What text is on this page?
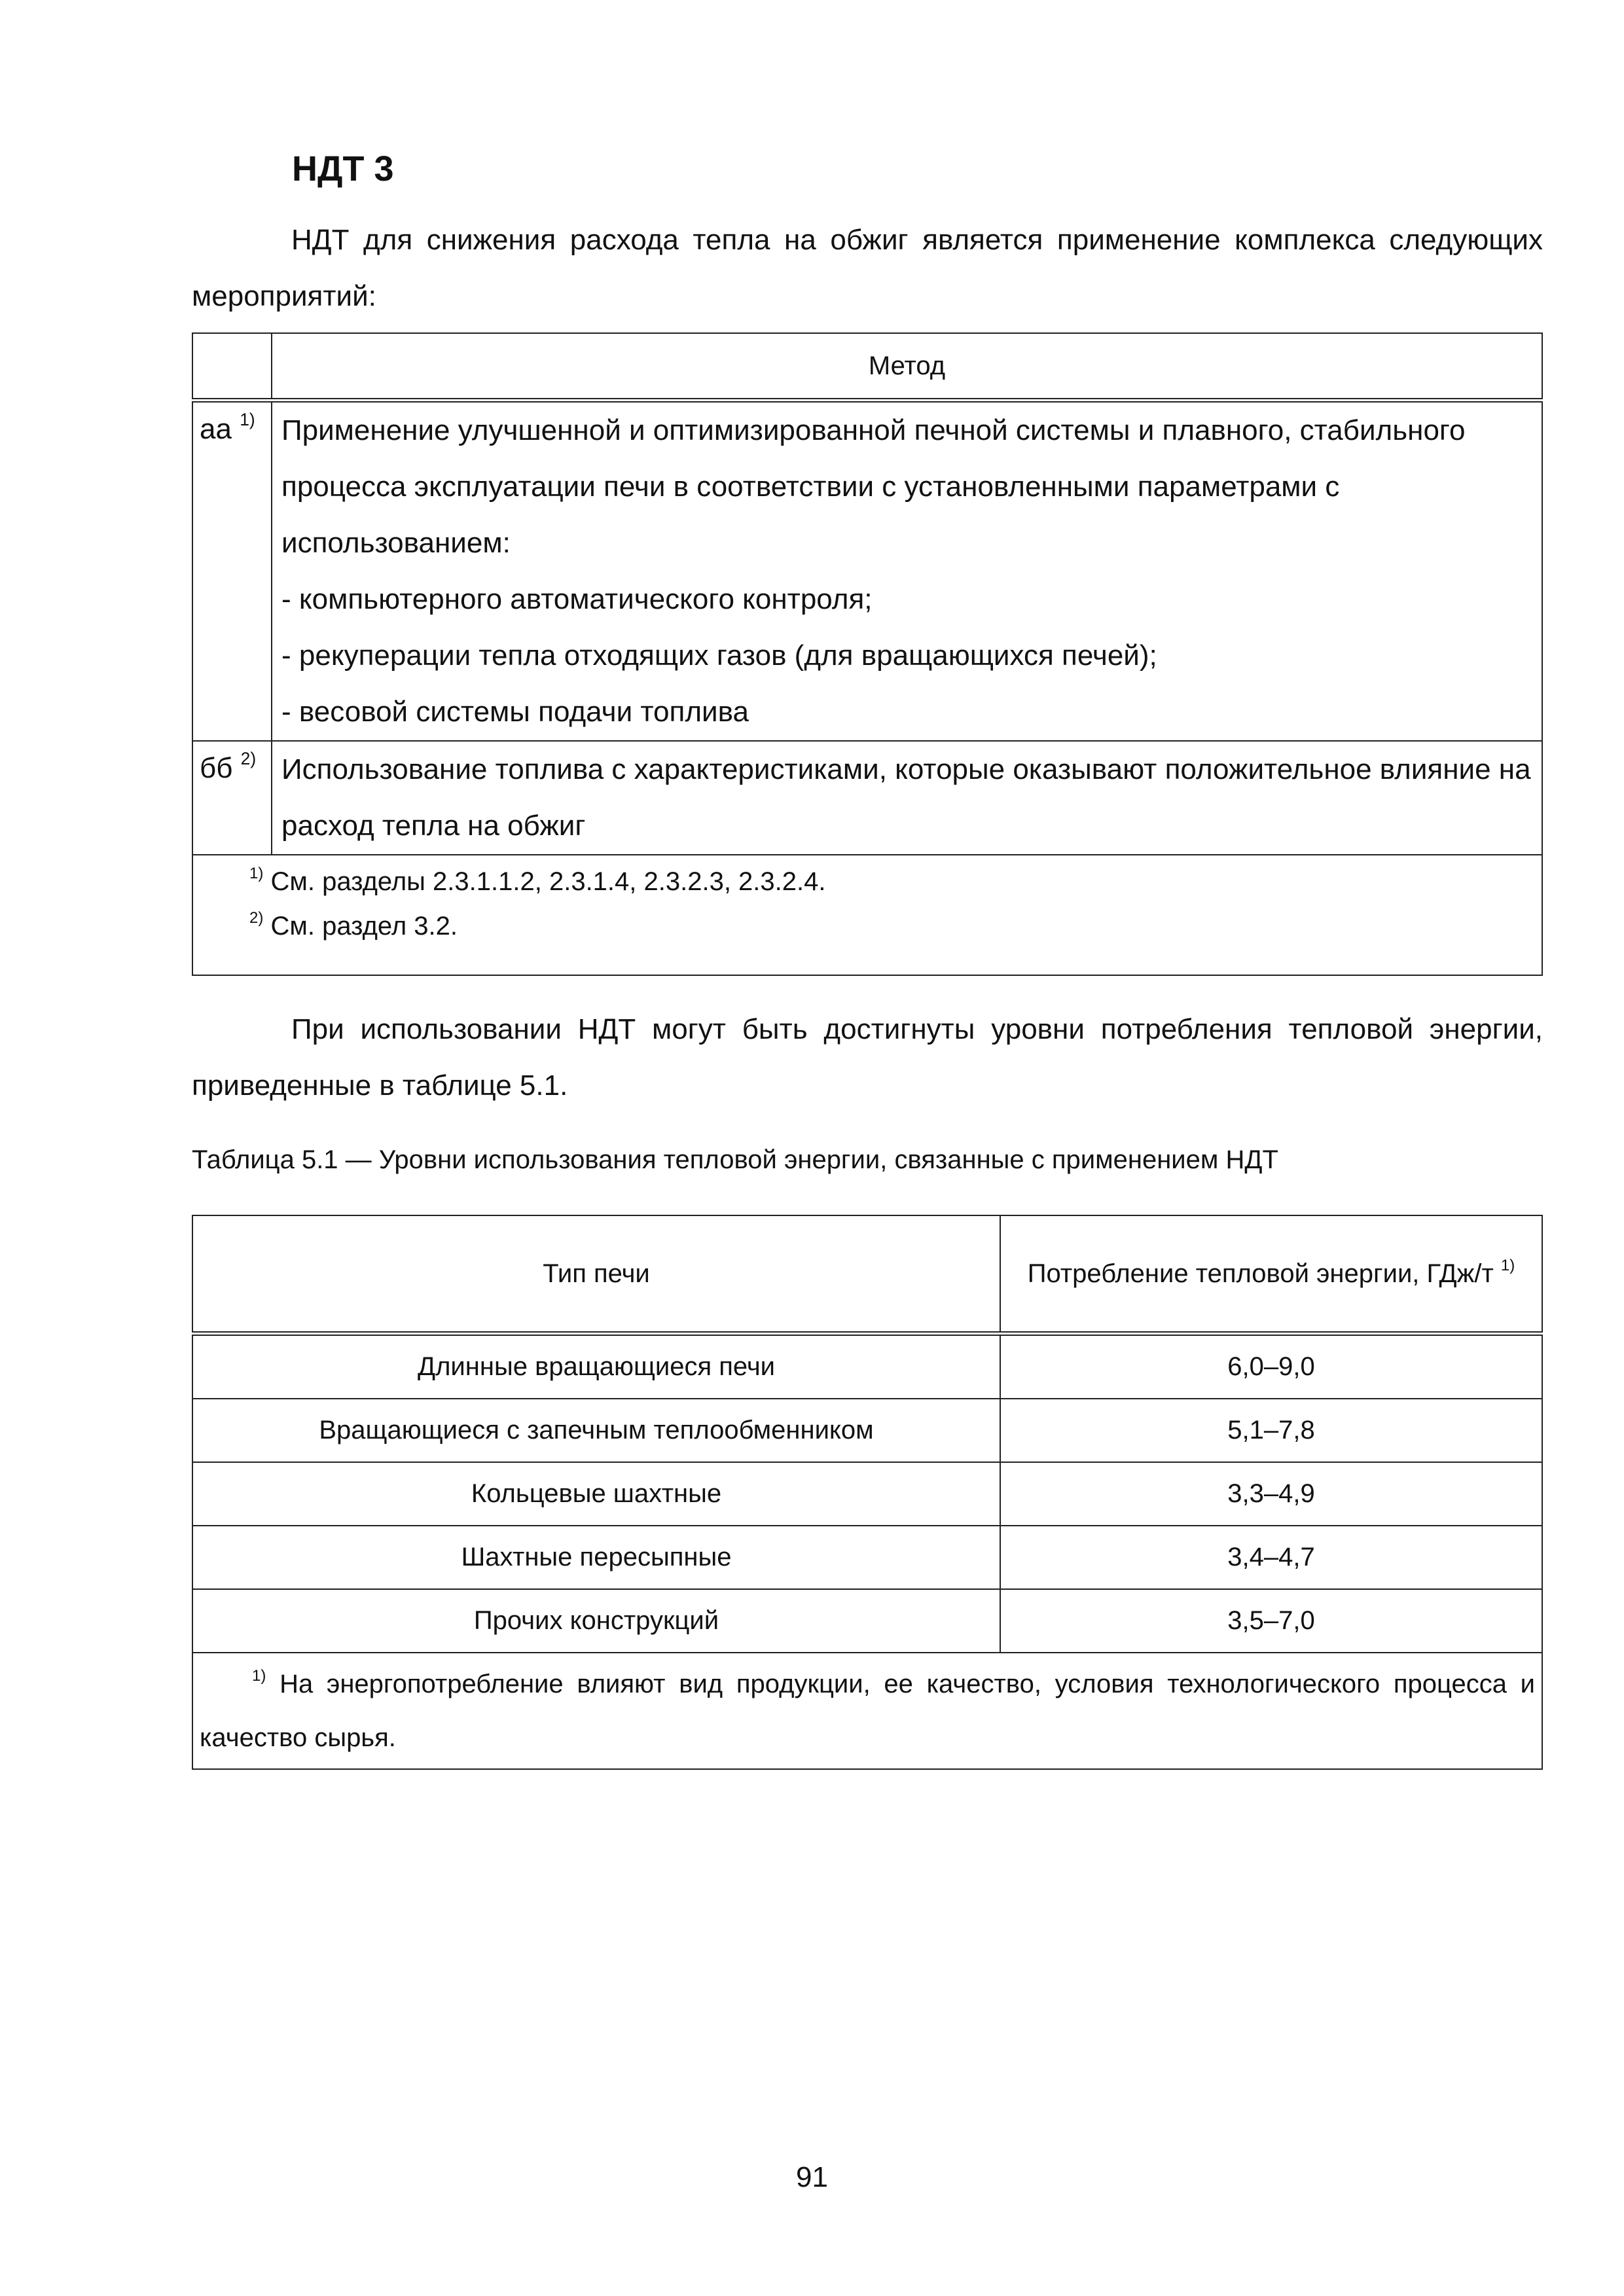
НДТ 3
НДТ для снижения расхода тепла на обжиг является применение комплекса следующих мероприятий:
	Метод
аа $^{1)}$	Применение улучшенной и оптимизированной печной системы и плавного, стабильного процесса эксплуатации печи в соответствии с установленными параметрами с использованием:
- компьютерного автоматического контроля;
- рекуперации тепла отходящих газов (для вращающихся печей);
- весовой системы подачи топлива

бб $^{2)}$	Использование топлива с характеристиками, которые оказывают положительное влияние на расход тепла на обжиг

$^{1)}$ См. разделы 2.3.1.1.2, 2.3.1.4, 2.3.2.3, 2.3.2.4.
$^{2)}$ См. раздел 3.2.	
При использовании НДТ могут быть достигнуты уровни потребления тепловой энергии, приведенные в таблице 5.1.
Таблица 5.1 — Уровни использования тепловой энергии, связанные с применением НДТ
Тип печи	Потребление тепловой энергии, ГДж/т $^{1)}$
Длинные вращающиеся печи	6,0–9,0
Вращающиеся с запечным теплообменником	5,1–7,8
Кольцевые шахтные	3,3–4,9
Шахтные пересыпные	3,4–4,7
Прочих конструкций	3,5–7,0
$^{1)}$ На энергопотребление влияют вид продукции, ее качество, условия технологического процесса и качество сырья.	
91
